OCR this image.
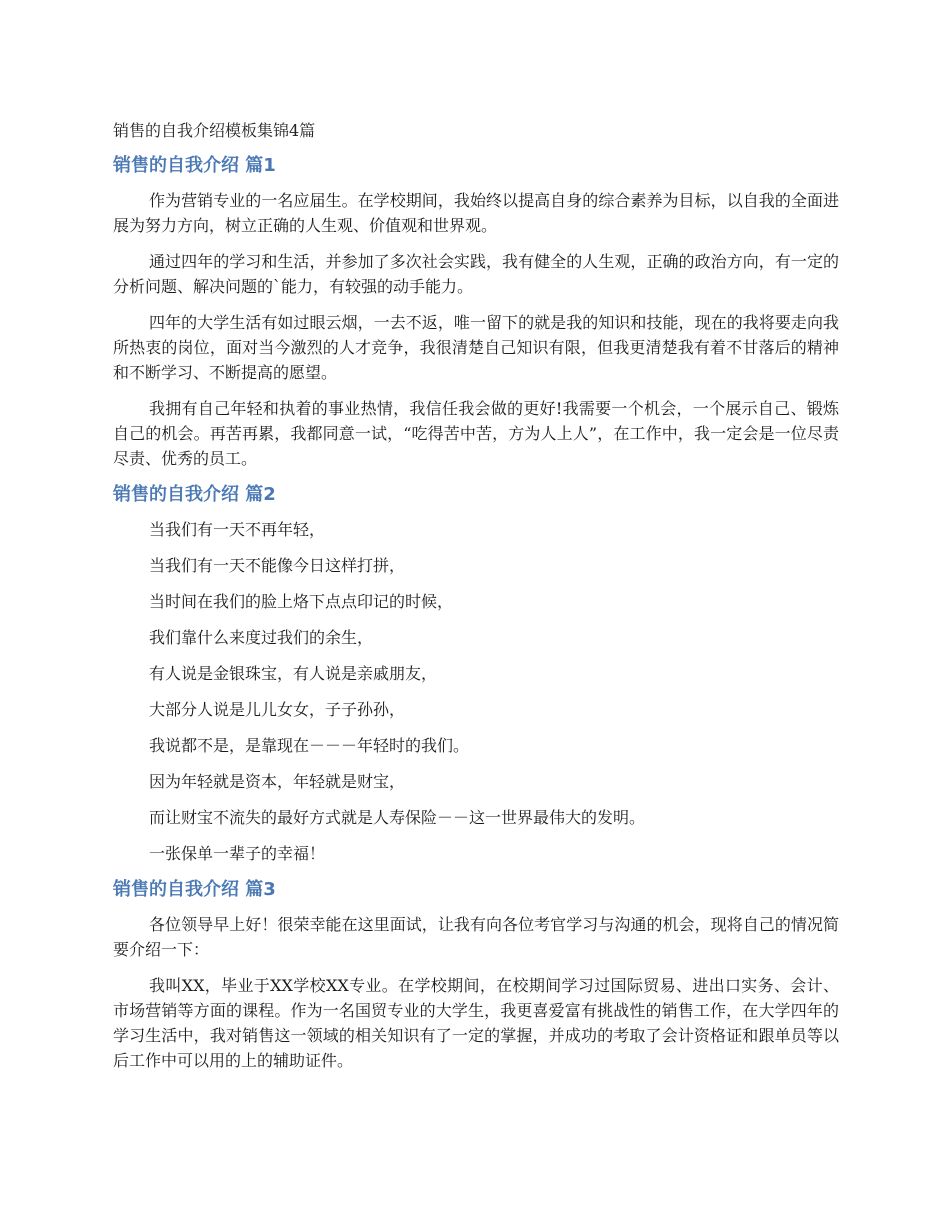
销售的自我介绍模板集锦4篇
销售的自我介绍 篇1

作为营销专业的一名应届生。在学校期间，我始终以提高自身的综合素养为目标，以自我的全面进展为努力方向，树立正确的人生观、价值观和世界观。

通过四年的学习和生活，并参加了多次社会实践，我有健全的人生观，正确的政治方向，有一定的分析问题、解决问题的`能力，有较强的动手能力。

四年的大学生活有如过眼云烟，一去不返，唯一留下的就是我的知识和技能，现在的我将要走向我所热衷的岗位，面对当今激烈的人才竞争，我很清楚自己知识有限，但我更清楚我有着不甘落后的精神和不断学习、不断提高的愿望。

我拥有自己年轻和执着的事业热情，我信任我会做的更好!我需要一个机会，一个展示自己、锻炼自己的机会。再苦再累，我都同意一试，“吃得苦中苦，方为人上人”，在工作中，我一定会是一位尽责尽责、优秀的员工。

销售的自我介绍 篇2

当我们有一天不再年轻，

当我们有一天不能像今日这样打拼，

当时间在我们的脸上烙下点点印记的时候，

我们靠什么来度过我们的余生，

有人说是金银珠宝，有人说是亲戚朋友，

大部分人说是儿儿女女，子子孙孙，

我说都不是，是靠现在－－－年轻时的我们。

因为年轻就是资本，年轻就是财宝，

而让财宝不流失的最好方式就是人寿保险－－这一世界最伟大的发明。

一张保单一辈子的幸福！

销售的自我介绍 篇3

各位领导早上好！很荣幸能在这里面试，让我有向各位考官学习与沟通的机会，现将自己的情况简要介绍一下：

我叫XX，毕业于XX学校XX专业。在学校期间，在校期间学习过国际贸易、进出口实务、会计、市场营销等方面的课程。作为一名国贸专业的大学生，我更喜爱富有挑战性的销售工作，在大学四年的学习生活中，我对销售这一领域的相关知识有了一定的掌握，并成功的考取了会计资格证和跟单员等以后工作中可以用的上的辅助证件。
